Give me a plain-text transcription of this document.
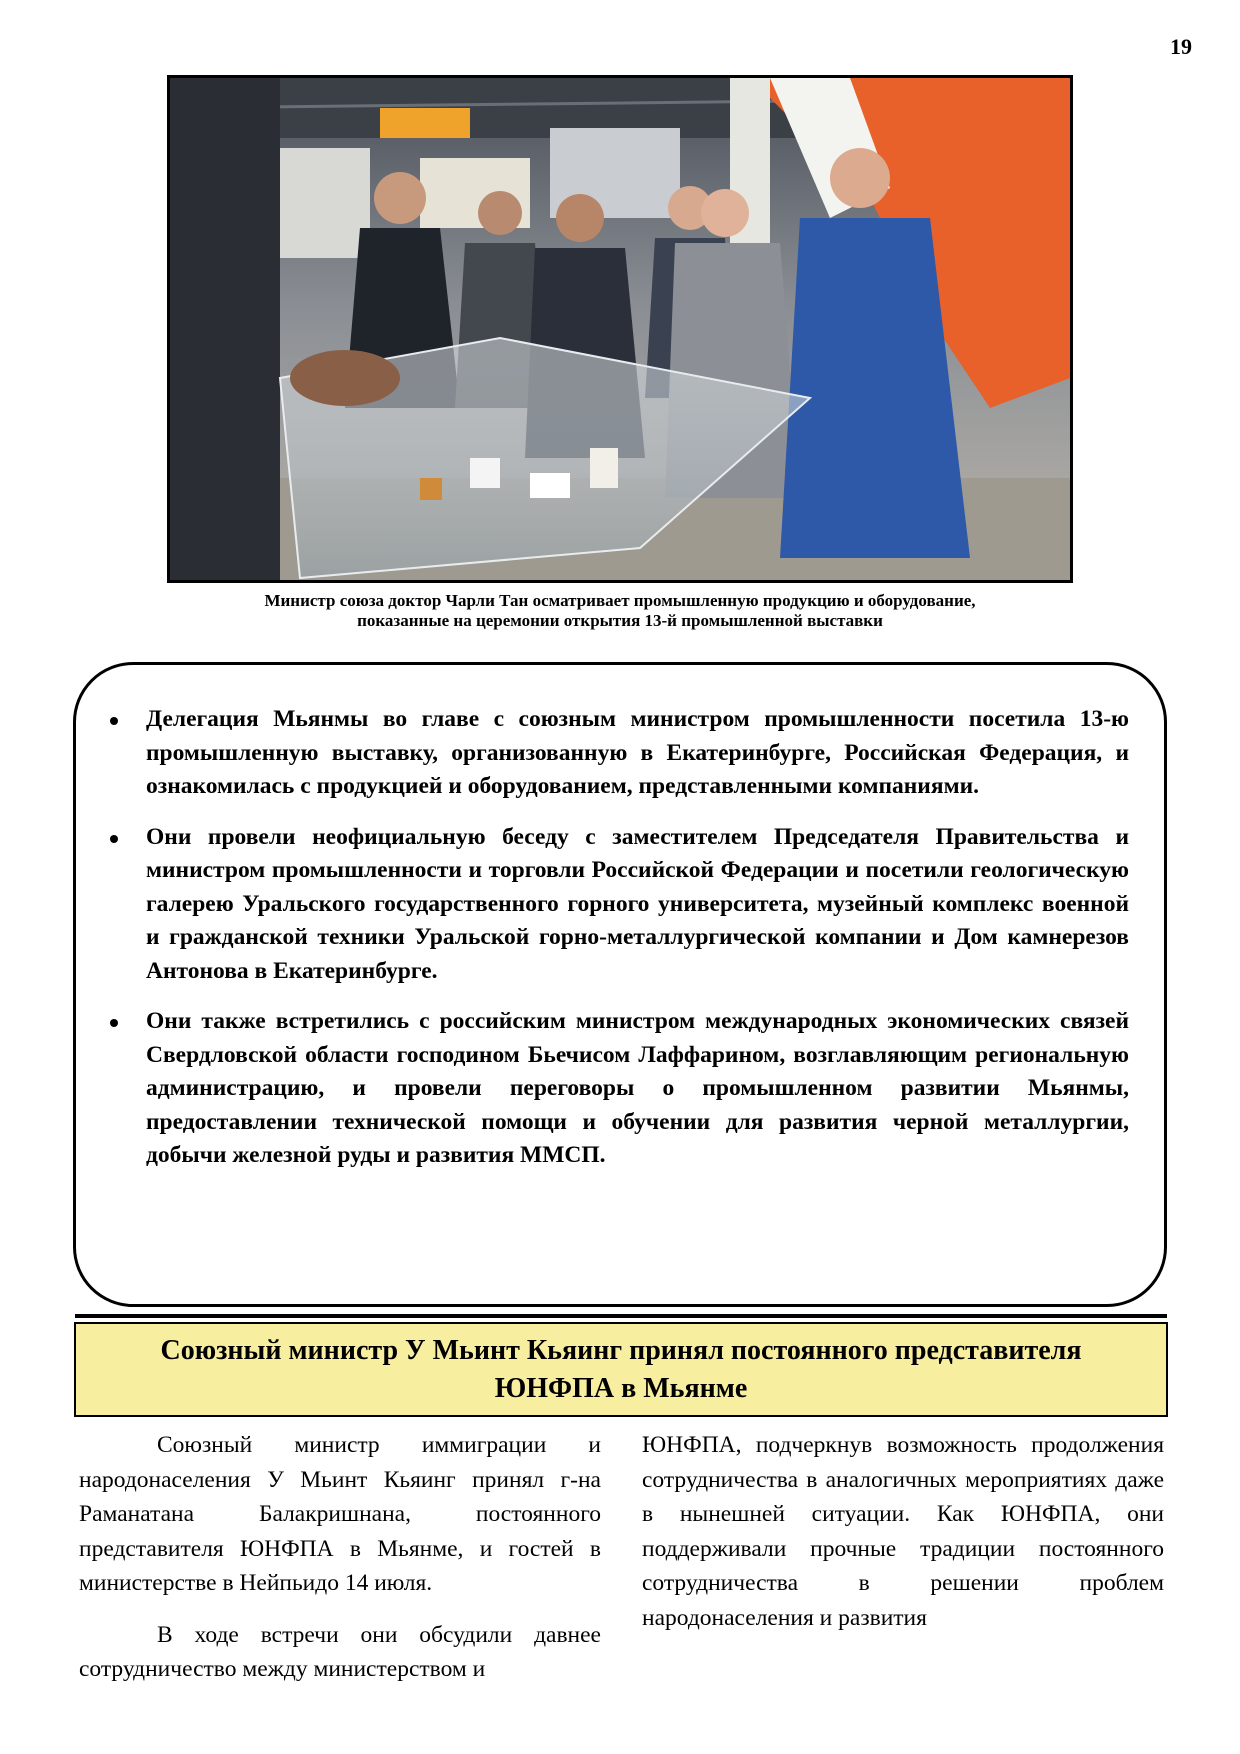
19
Министр союза доктор Чарли Тан осматривает промышленную продукцию и оборудование,
показанные на церемонии открытия 13-й промышленной выставки
Делегация Мьянмы во главе с союзным министром промышленности посетила 13-ю промышленную выставку, организованную в Екатеринбурге, Российская Федерация, и ознакомилась с продукцией и оборудованием, представленными компаниями.
Они провели неофициальную беседу с заместителем Председателя Правительства и министром промышленности и торговли Российской Федерации и посетили геологическую галерею Уральского государственного горного университета, музейный комплекс военной и гражданской техники Уральской горно-металлургической компании и Дом камнерезов Антонова в Екатеринбурге.
Они также встретились с российским министром международных экономических связей Свердловской области господином Бьечисом Лаффарином, возглавляющим региональную администрацию, и провели переговоры о промышленном развитии Мьянмы, предоставлении технической помощи и обучении для развития черной металлургии, добычи железной руды и развития ММСП.
Союзный министр У Мьинт Кьяинг принял постоянного представителя ЮНФПА в Мьянме

Союзный министр иммиграции и народонаселения У Мьинт Кьяинг принял г-на Раманатана Балакришнана, постоянного представителя ЮНФПА в Мьянме, и гостей в министерстве в Нейпьидо 14 июля.

В ходе встречи они обсудили давнее сотрудничество между министерством и

ЮНФПА, подчеркнув возможность продолжения сотрудничества в аналогичных мероприятиях даже в нынешней ситуации. Как ЮНФПА, они поддерживали прочные традиции постоянного сотрудничества в решении проблем народонаселения и развития
